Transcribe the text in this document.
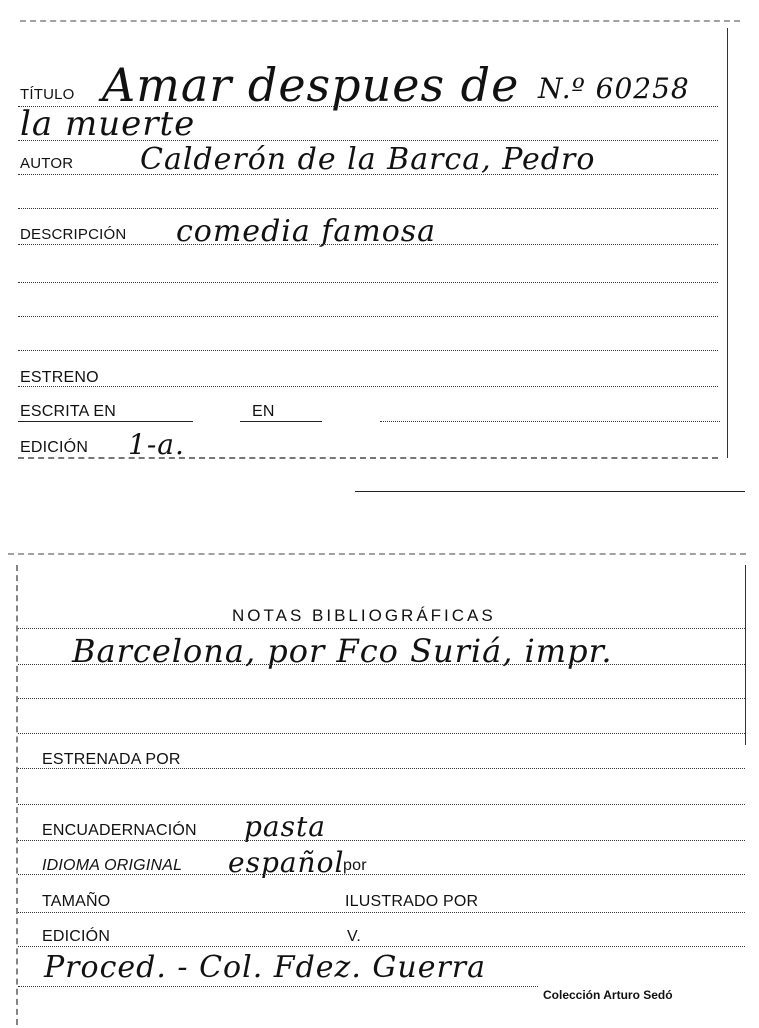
TÍTULO Amar despues de N.º 60258
la muerte
AUTOR Calderón de la Barca, Pedro
DESCRIPCIÓN comedia famosa
ESTRENO
ESCRITA EN	EN
EDICIÓN 1-a.
NOTAS BIBLIOGRÁFICAS
Barcelona, por Fco Suriá, impr.
ESTRENADA POR
ENCUADERNACIÓN pasta
IDIOMA ORIGINAL español
por
TAMAÑO	ILUSTRADO POR
EDICIÓN	V.
Proced. - Col. Fdez. Guerra
Colección Arturo Sedó
